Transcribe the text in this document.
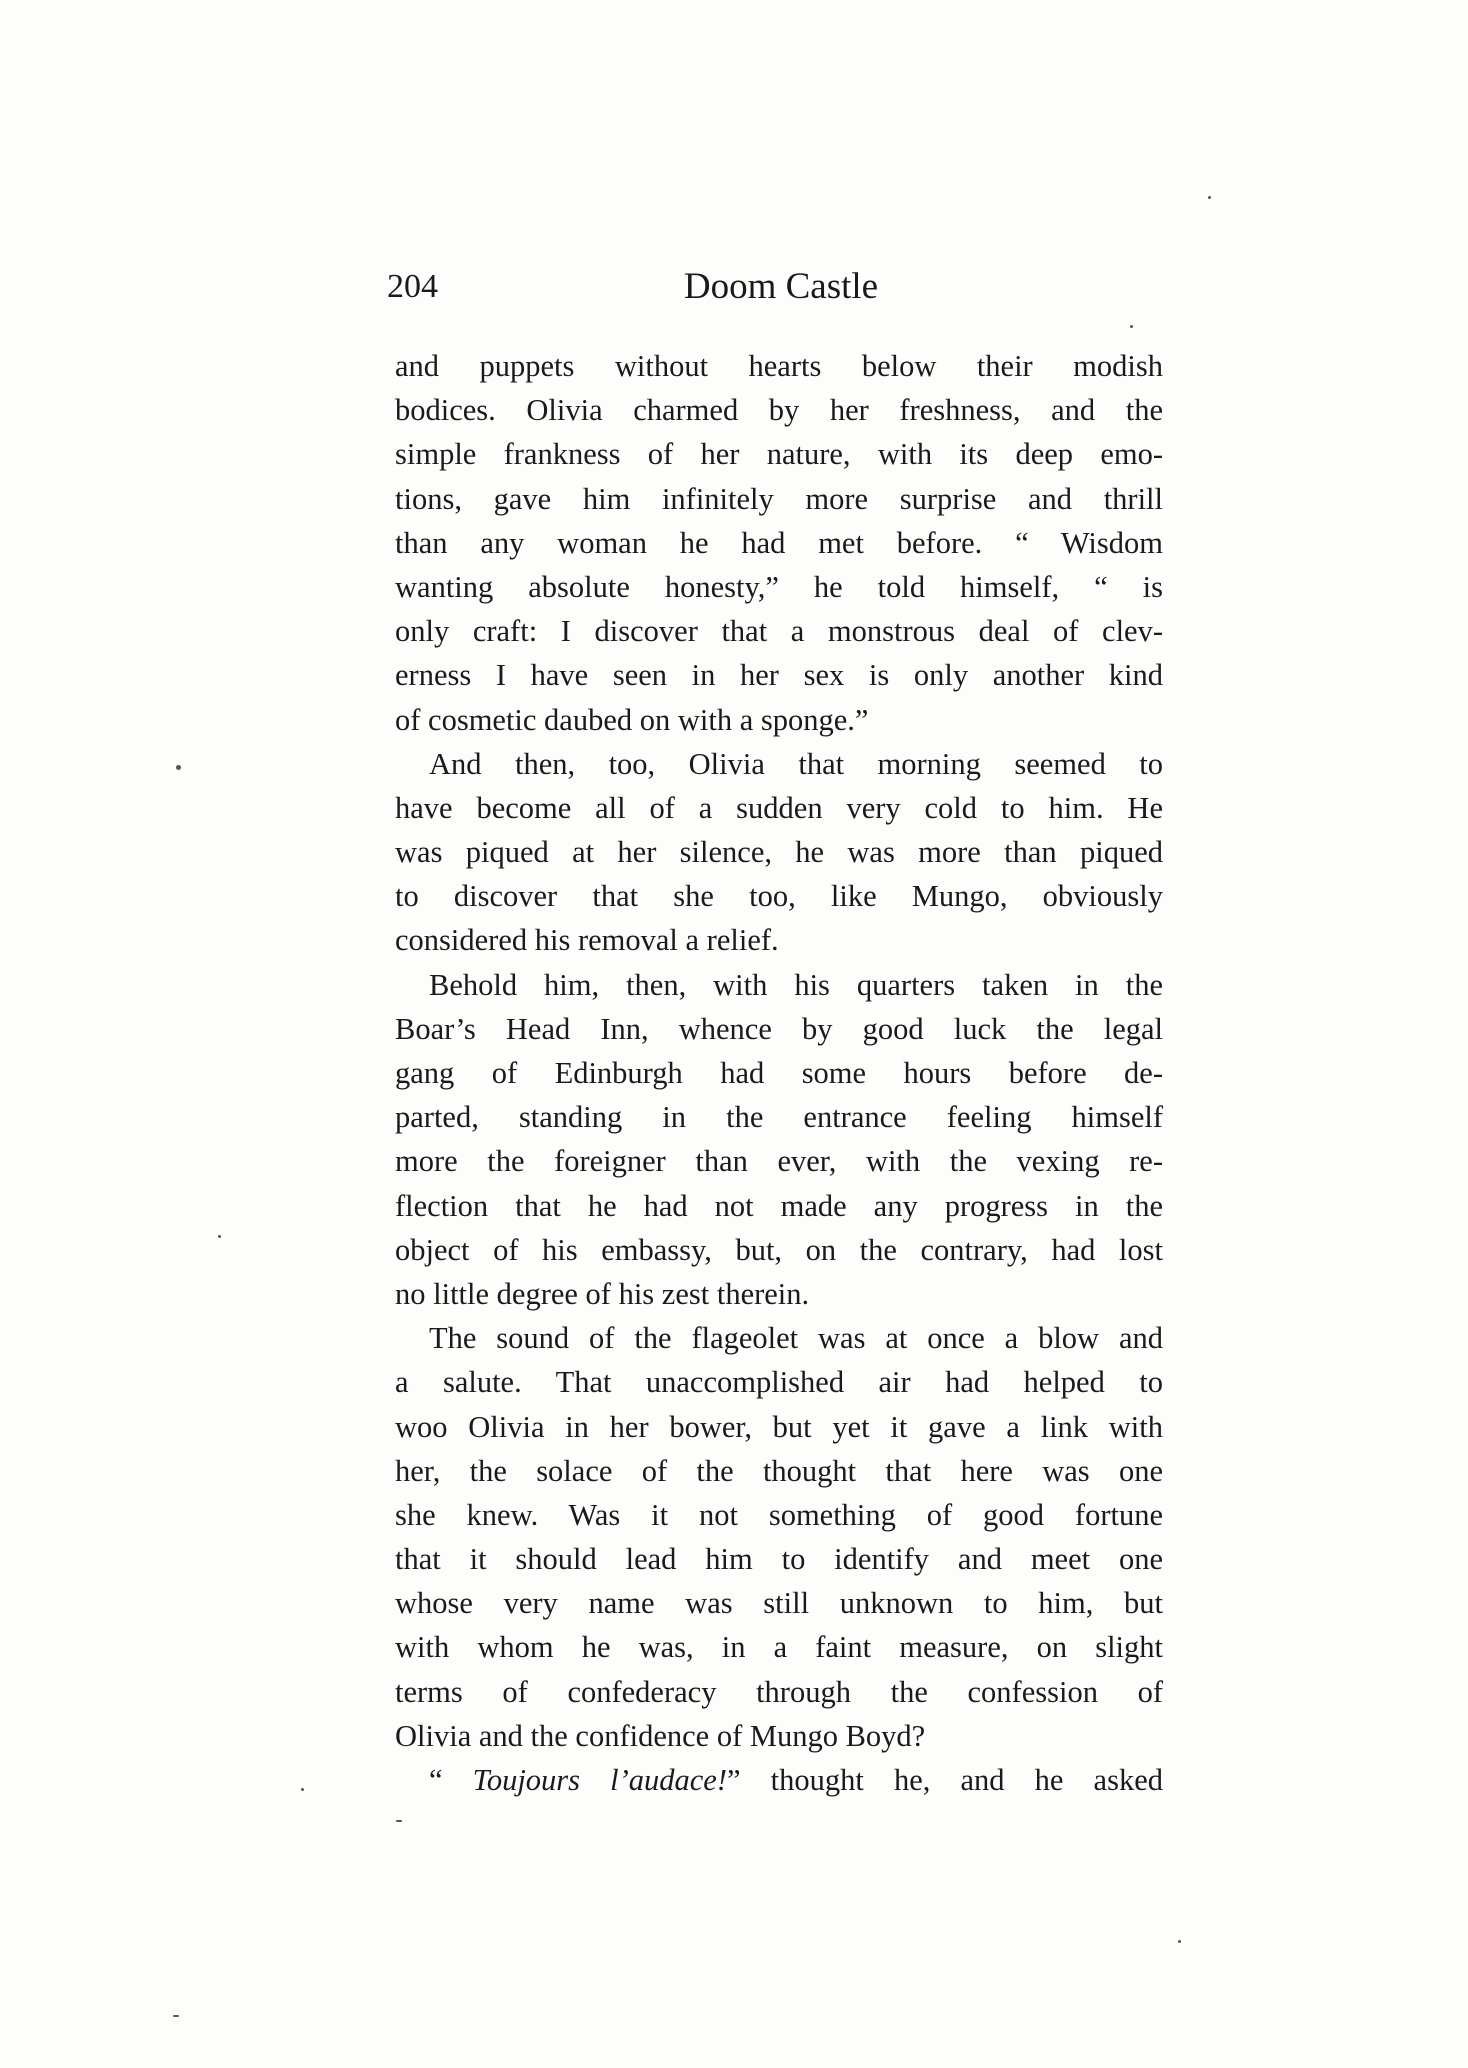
204	Doom Castle
and puppets without hearts below their modish
bodices. Olivia charmed by her freshness, and the
simple frankness of her nature, with its deep emo-
tions, gave him infinitely more surprise and thrill
than any woman he had met before. “ Wisdom
wanting absolute honesty,” he told himself, “ is
only craft: I discover that a monstrous deal of clev-
erness I have seen in her sex is only another kind
of cosmetic daubed on with a sponge.”
And then, too, Olivia that morning seemed to
have become all of a sudden very cold to him. He
was piqued at her silence, he was more than piqued
to discover that she too, like Mungo, obviously
considered his removal a relief.
Behold him, then, with his quarters taken in the
Boar’s Head Inn, whence by good luck the legal
gang of Edinburgh had some hours before de-
parted, standing in the entrance feeling himself
more the foreigner than ever, with the vexing re-
flection that he had not made any progress in the
object of his embassy, but, on the contrary, had lost
no little degree of his zest therein.
The sound of the flageolet was at once a blow and
a salute. That unaccomplished air had helped to
woo Olivia in her bower, but yet it gave a link with
her, the solace of the thought that here was one
she knew. Was it not something of good fortune
that it should lead him to identify and meet one
whose very name was still unknown to him, but
with whom he was, in a faint measure, on slight
terms of confederacy through the confession of
Olivia and the confidence of Mungo Boyd?
“ Toujours l’audace!” thought he, and he asked
